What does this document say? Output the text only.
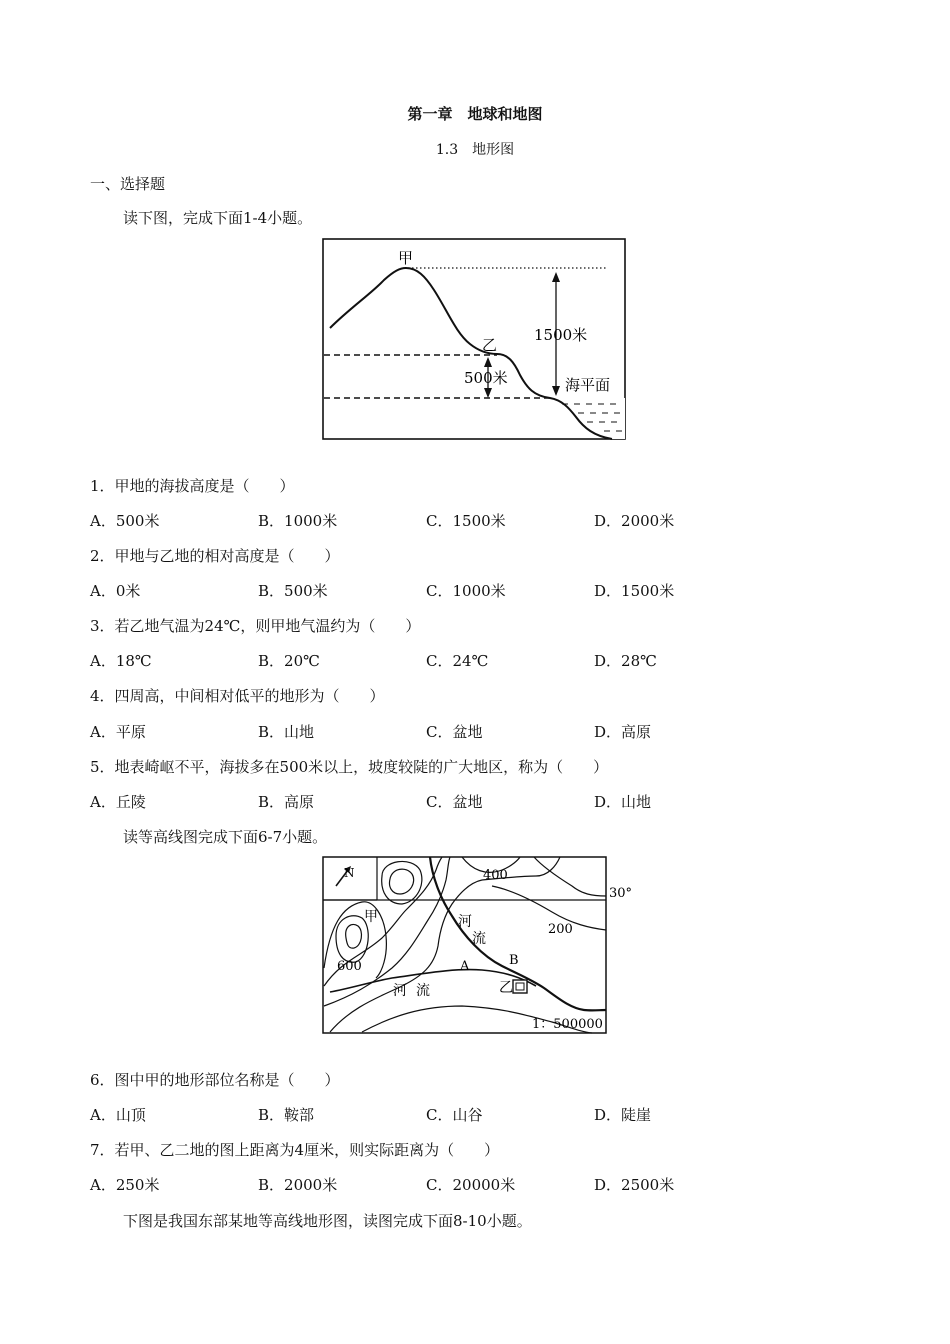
第一章　地球和地图
1.3　地形图
一、选择题
读下图，完成下面1-4小题。
甲
乙
1500米
500米	海平面
1．甲地的海拔高度是（　　）
A．500米	B．1000米	C．1500米	D．2000米
2．甲地与乙地的相对高度是（　　）
A．0米	B．500米	C．1000米	D．1500米
3．若乙地气温为24℃，则甲地气温约为（　　）
A．18℃	B．20℃	C．24℃	D．28℃
4．四周高，中间相对低平的地形为（　　）
A．平原	B．山地	C．盆地	D．高原
5．地表崎岖不平，海拔多在500米以上，坡度较陡的广大地区，称为（　　）
A．丘陵	B．高原	C．盆地	D．山地
读等高线图完成下面6-7小题。
N
30°
400
200
600
甲	河
流
河 流
A	B
乙
1：500000
6．图中甲的地形部位名称是（　　）
A．山顶	B．鞍部	C．山谷	D．陡崖
7．若甲、乙二地的图上距离为4厘米，则实际距离为（　　）
A．250米	B．2000米	C．20000米	D．2500米
下图是我国东部某地等高线地形图，读图完成下面8-10小题。
